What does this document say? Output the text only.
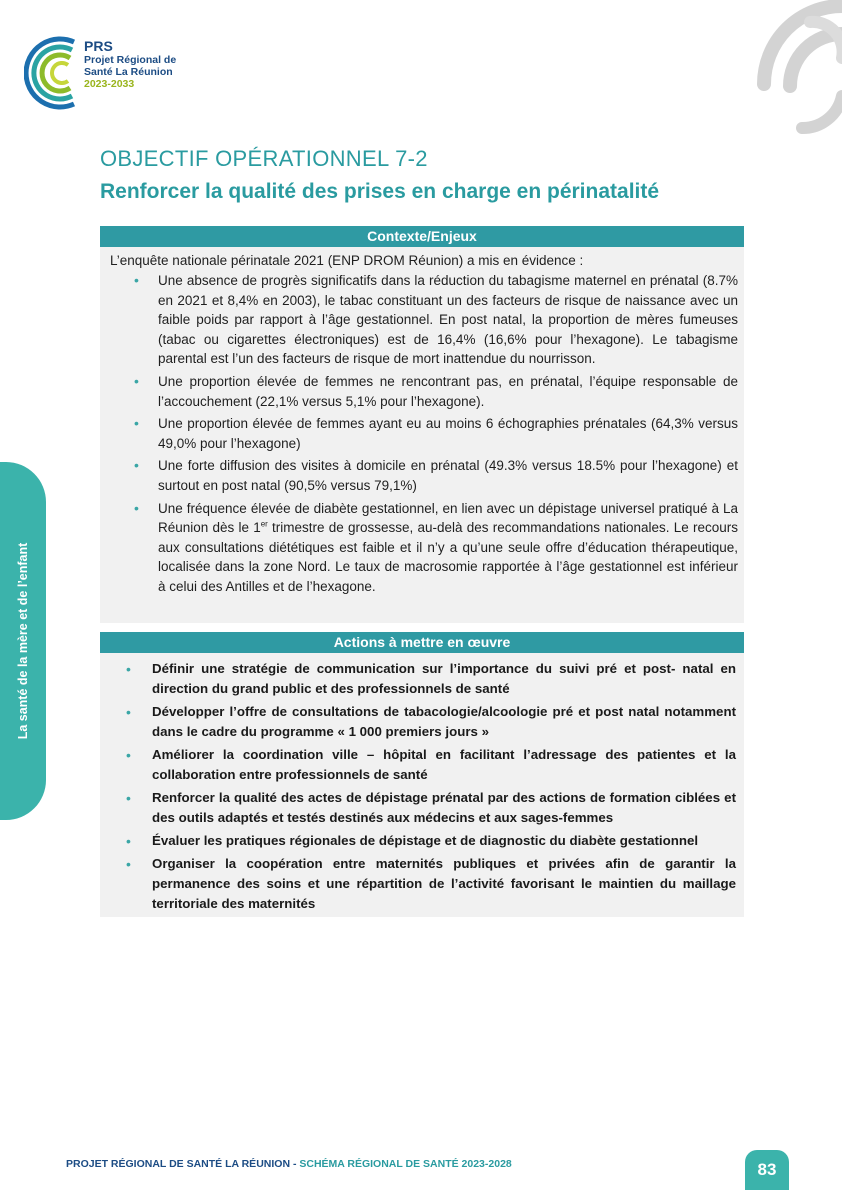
PRS
Projet Régional de
Santé La Réunion
2023-2033
OBJECTIF OPÉRATIONNEL 7-2
Renforcer la qualité des prises en charge en périnatalité
La santé de la mère et de l’enfant
Contexte/Enjeux
L’enquête nationale périnatale 2021 (ENP DROM Réunion) a mis en évidence :
• Une absence de progrès significatifs dans la réduction du tabagisme maternel en prénatal (8.7% en 2021 et 8,4% en 2003), le tabac constituant un des facteurs de risque de naissance avec un faible poids par rapport à l’âge gestationnel. En post natal, la proportion de mères fumeuses (tabac ou cigarettes électroniques) est de 16,4% (16,6% pour l’hexagone). Le tabagisme parental est l’un des facteurs de risque de mort inattendue du nourrisson.
• Une proportion élevée de femmes ne rencontrant pas, en prénatal, l’équipe responsable de l’accouchement (22,1% versus 5,1% pour l’hexagone).
• Une proportion élevée de femmes ayant eu au moins 6 échographies prénatales (64,3% versus 49,0% pour l’hexagone)
• Une forte diffusion des visites à domicile en prénatal (49.3% versus 18.5% pour l’hexagone) et surtout en post natal (90,5% versus 79,1%)
• Une fréquence élevée de diabète gestationnel, en lien avec un dépistage universel pratiqué à La Réunion dès le 1er trimestre de grossesse, au-delà des recommandations nationales. Le recours aux consultations diététiques est faible et il n’y a qu’une seule offre d’éducation thérapeutique, localisée dans la zone Nord. Le taux de macrosomie rapportée à l’âge gestationnel est inférieur à celui des Antilles et de l’hexagone.
Actions à mettre en œuvre
• Définir une stratégie de communication sur l’importance du suivi pré et post- natal en direction du grand public et des professionnels de santé
• Développer l’offre de consultations de tabacologie/alcoologie pré et post natal notamment dans le cadre du programme « 1 000 premiers jours »
• Améliorer la coordination ville – hôpital en facilitant l’adressage des patientes et la collaboration entre professionnels de santé
• Renforcer la qualité des actes de dépistage prénatal par des actions de formation ciblées et des outils adaptés et testés destinés aux médecins et aux sages-femmes
• Évaluer les pratiques régionales de dépistage et de diagnostic du diabète gestationnel
• Organiser la coopération entre maternités publiques et privées afin de garantir la permanence des soins et une répartition de l’activité favorisant le maintien du maillage territoriale des maternités
PROJET RÉGIONAL DE SANTÉ LA RÉUNION - SCHÉMA RÉGIONAL DE SANTÉ 2023-2028	83
